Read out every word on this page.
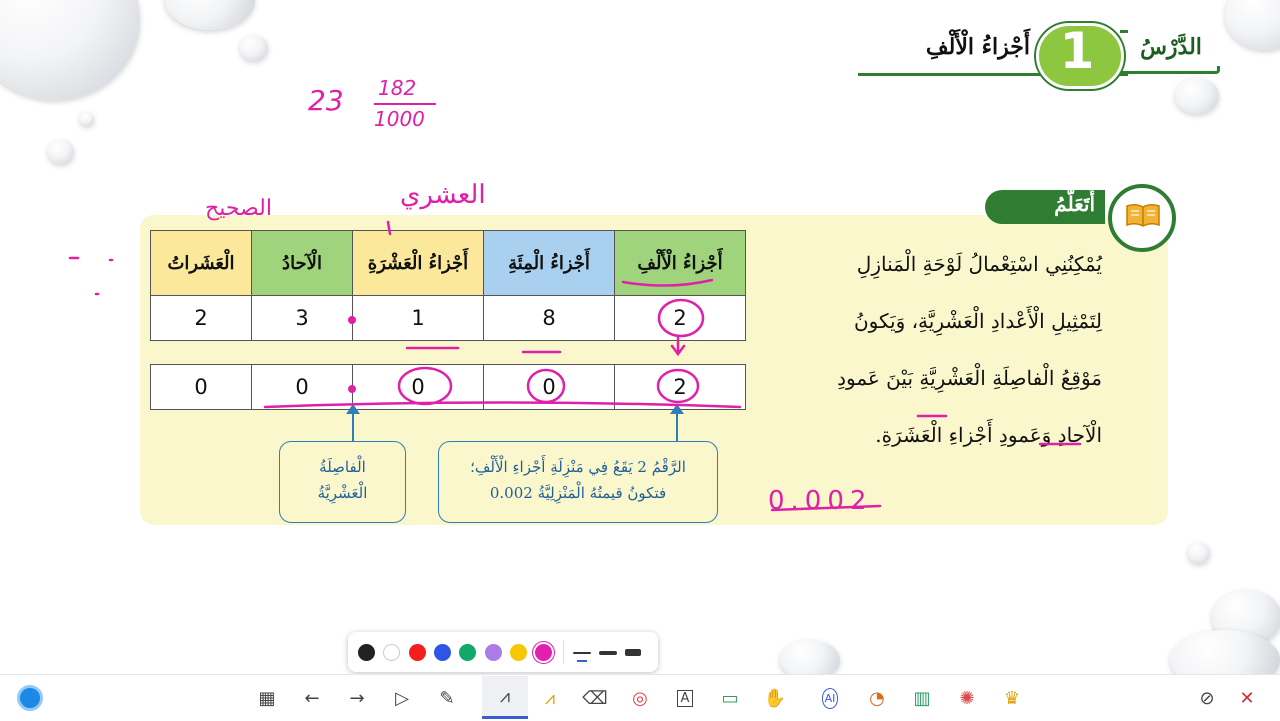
الدَّرْسُ
1
أَجْزاءُ الْأَلْفِ
أَتَعَلَّمُ
الْعَشَراتُ	الْآحادُ	أَجْزاءُ الْعَشْرَةِ	أَجْزاءُ الْمِئَةِ	أَجْزاءُ الْأَلْفِ
2	3	1	8	2
0	0	0	0	2
الْفاصِلَةُ
الْعَشْرِيَّةُ
الرَّقْمُ 2 يَقَعُ فِي مَنْزِلَةِ أَجْزاءِ الْأَلْفِ؛
فتكونُ قيمتُهُ الْمَنْزِلِيَّةُ 0.002
يُمْكِنُنِي اسْتِعْمالُ لَوْحَةِ الْمَنازِلِ
لِتَمْثِيلِ الْأَعْدادِ الْعَشْرِيَّةِ، وَيَكونُ
مَوْقِعُ الْفاصِلَةِ الْعَشْرِيَّةِ بَيْنَ عَمودِ
الْآحادِ وَعَمودِ أَجْزاءِ الْعَشَرَةِ.
23 182
1000
الصحيح	العشري
0.002
▦	←	→	▷	✎	⩘	⩘	⌫	◎	A	▭	✋	AI	◔	▥	✺	♛	⊘	✕
